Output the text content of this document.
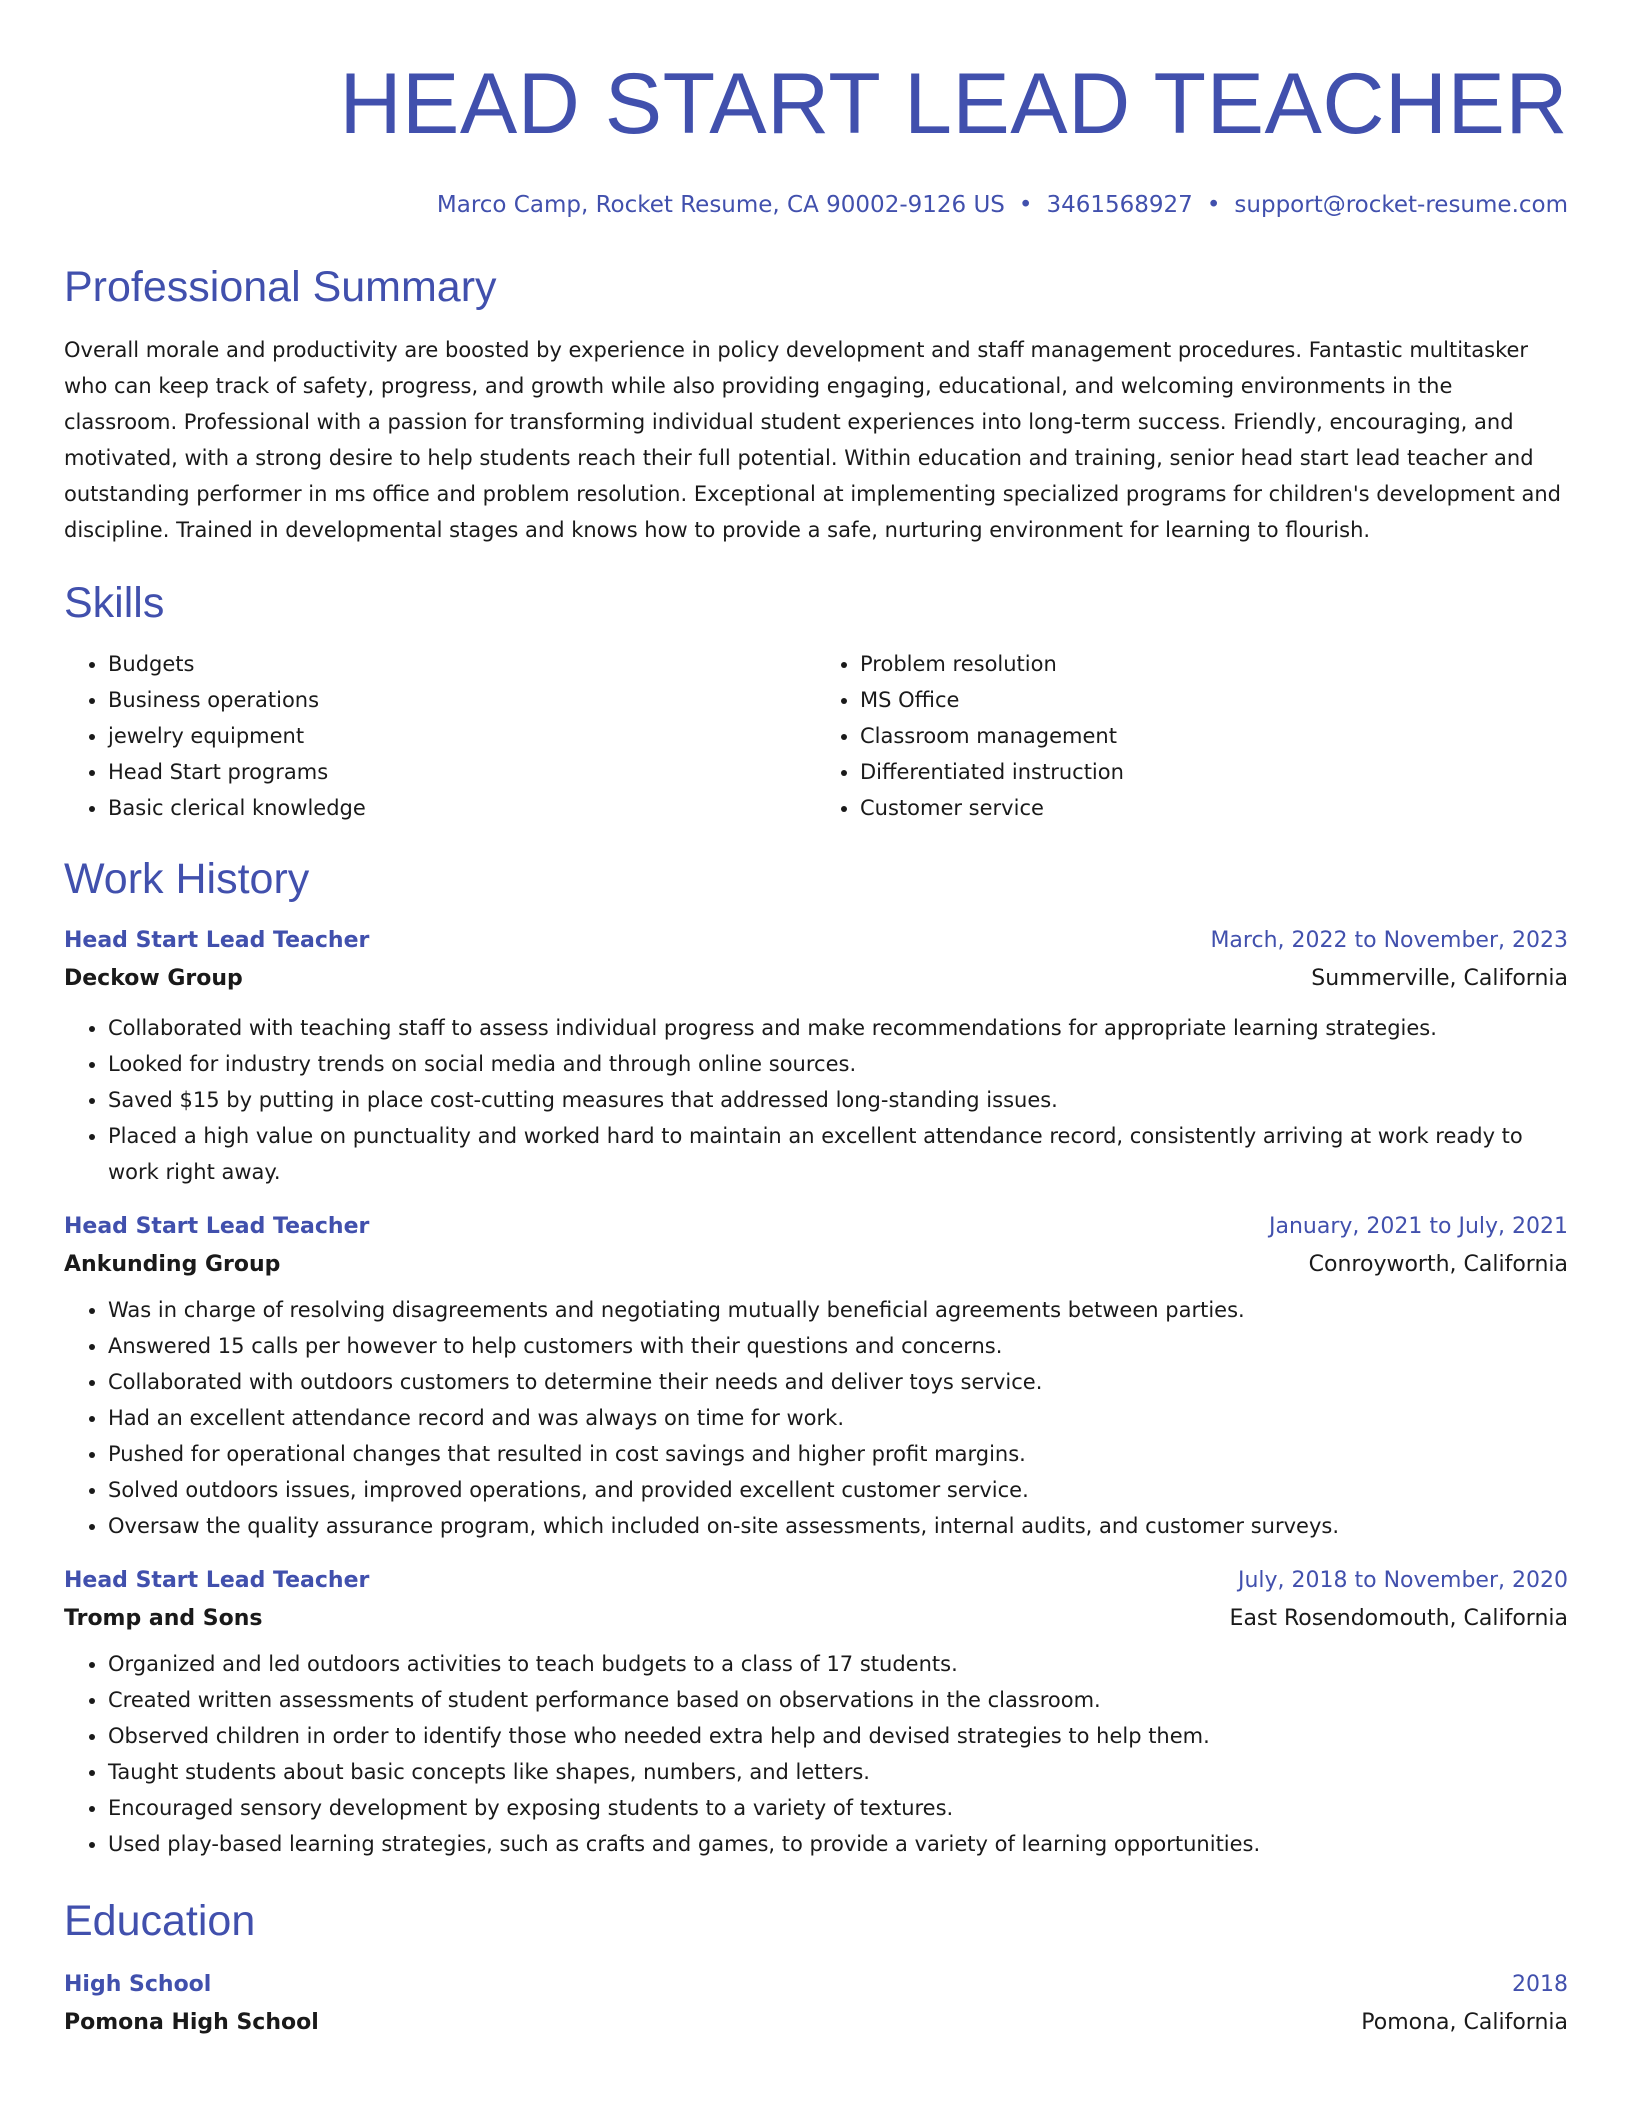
HEAD START LEAD TEACHER
Marco Camp, Rocket Resume, CA 90002-9126 US • 3461568927 • support@rocket-resume.com
Professional Summary
Overall morale and productivity are boosted by experience in policy development and staff management procedures. Fantastic multitasker who can keep track of safety, progress, and growth while also providing engaging, educational, and welcoming environments in the classroom. Professional with a passion for transforming individual student experiences into long-term success. Friendly, encouraging, and motivated, with a strong desire to help students reach their full potential. Within education and training, senior head start lead teacher and outstanding performer in ms office and problem resolution. Exceptional at implementing specialized programs for children's development and discipline. Trained in developmental stages and knows how to provide a safe, nurturing environment for learning to flourish.
Skills
• Budgets
• Business operations
• jewelry equipment
• Head Start programs
• Basic clerical knowledge
• Problem resolution
• MS Office
• Classroom management
• Differentiated instruction
• Customer service
Work History
Head Start Lead Teacher	March, 2022 to November, 2023
Deckow Group	Summerville, California
• Collaborated with teaching staff to assess individual progress and make recommendations for appropriate learning strategies.
• Looked for industry trends on social media and through online sources.
• Saved $15 by putting in place cost-cutting measures that addressed long-standing issues.
• Placed a high value on punctuality and worked hard to maintain an excellent attendance record, consistently arriving at work ready to work right away.
Head Start Lead Teacher	January, 2021 to July, 2021
Ankunding Group	Conroyworth, California
• Was in charge of resolving disagreements and negotiating mutually beneficial agreements between parties.
• Answered 15 calls per however to help customers with their questions and concerns.
• Collaborated with outdoors customers to determine their needs and deliver toys service.
• Had an excellent attendance record and was always on time for work.
• Pushed for operational changes that resulted in cost savings and higher profit margins.
• Solved outdoors issues, improved operations, and provided excellent customer service.
• Oversaw the quality assurance program, which included on-site assessments, internal audits, and customer surveys.
Head Start Lead Teacher	July, 2018 to November, 2020
Tromp and Sons	East Rosendomouth, California
• Organized and led outdoors activities to teach budgets to a class of 17 students.
• Created written assessments of student performance based on observations in the classroom.
• Observed children in order to identify those who needed extra help and devised strategies to help them.
• Taught students about basic concepts like shapes, numbers, and letters.
• Encouraged sensory development by exposing students to a variety of textures.
• Used play-based learning strategies, such as crafts and games, to provide a variety of learning opportunities.
Education
High School	2018
Pomona High School	Pomona, California
